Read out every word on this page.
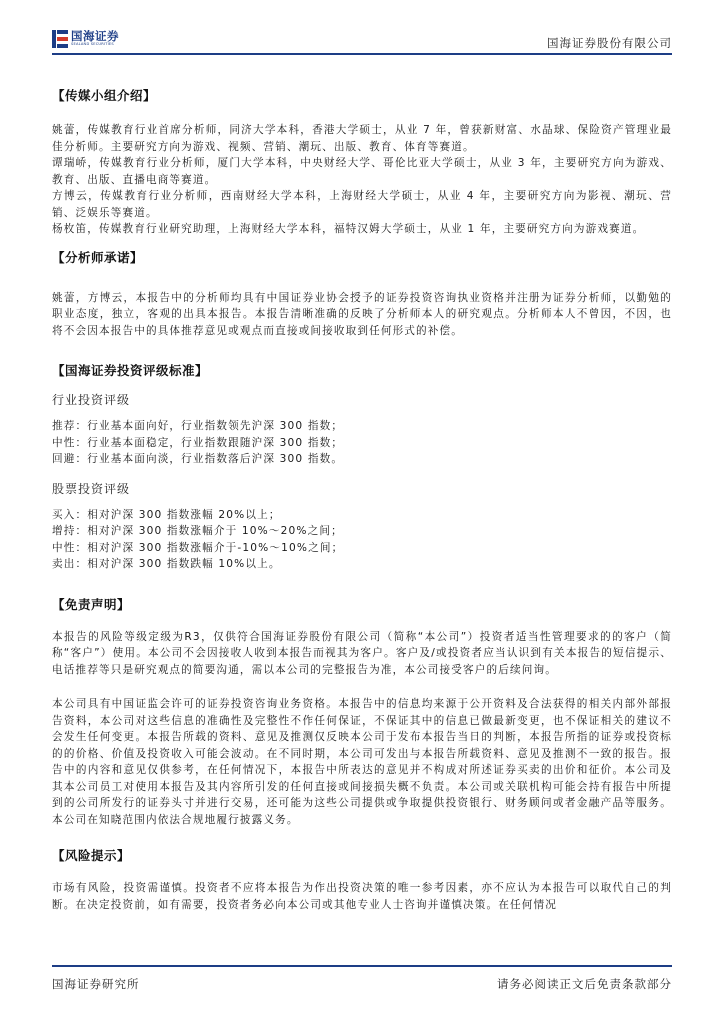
国海证券
SEALAND SECURITIES	国海证券股份有限公司
【传媒小组介绍】

姚蕾，传媒教育行业首席分析师，同济大学本科，香港大学硕士，从业 7 年，曾获新财富、水晶球、保险资产管理业最佳分析师。主要研究方向为游戏、视频、营销、潮玩、出版、教育、体育等赛道。

谭瑞峤，传媒教育行业分析师，厦门大学本科，中央财经大学、哥伦比亚大学硕士，从业 3 年，主要研究方向为游戏、教育、出版、直播电商等赛道。

方博云，传媒教育行业分析师，西南财经大学本科，上海财经大学硕士，从业 4 年，主要研究方向为影视、潮玩、营销、泛娱乐等赛道。

杨枚笛，传媒教育行业研究助理，上海财经大学本科，福特汉姆大学硕士，从业 1 年，主要研究方向为游戏赛道。

【分析师承诺】

姚蕾，方博云，本报告中的分析师均具有中国证券业协会授予的证券投资咨询执业资格并注册为证券分析师，以勤勉的职业态度，独立，客观的出具本报告。本报告清晰准确的反映了分析师本人的研究观点。分析师本人不曾因，不因，也将不会因本报告中的具体推荐意见或观点而直接或间接收取到任何形式的补偿。

【国海证券投资评级标准】

行业投资评级

推荐：行业基本面向好，行业指数领先沪深 300 指数；

中性：行业基本面稳定，行业指数跟随沪深 300 指数；

回避：行业基本面向淡，行业指数落后沪深 300 指数。

股票投资评级

买入：相对沪深 300 指数涨幅 20%以上；

增持：相对沪深 300 指数涨幅介于 10%～20%之间；

中性：相对沪深 300 指数涨幅介于-10%～10%之间；

卖出：相对沪深 300 指数跌幅 10%以上。

【免责声明】

本报告的风险等级定级为R3，仅供符合国海证券股份有限公司（简称“本公司”）投资者适当性管理要求的的客户（简称“客户”）使用。本公司不会因接收人收到本报告而视其为客户。客户及/或投资者应当认识到有关本报告的短信提示、电话推荐等只是研究观点的简要沟通，需以本公司的完整报告为准，本公司接受客户的后续问询。

本公司具有中国证监会许可的证券投资咨询业务资格。本报告中的信息均来源于公开资料及合法获得的相关内部外部报告资料，本公司对这些信息的准确性及完整性不作任何保证，不保证其中的信息已做最新变更，也不保证相关的建议不会发生任何变更。本报告所载的资料、意见及推测仅反映本公司于发布本报告当日的判断，本报告所指的证券或投资标的的价格、价值及投资收入可能会波动。在不同时期，本公司可发出与本报告所载资料、意见及推测不一致的报告。报告中的内容和意见仅供参考，在任何情况下，本报告中所表达的意见并不构成对所述证券买卖的出价和征价。本公司及其本公司员工对使用本报告及其内容所引发的任何直接或间接损失概不负责。本公司或关联机构可能会持有报告中所提到的公司所发行的证券头寸并进行交易，还可能为这些公司提供或争取提供投资银行、财务顾问或者金融产品等服务。本公司在知晓范围内依法合规地履行披露义务。

【风险提示】

市场有风险，投资需谨慎。投资者不应将本报告为作出投资决策的唯一参考因素，亦不应认为本报告可以取代自己的判断。在决定投资前，如有需要，投资者务必向本公司或其他专业人士咨询并谨慎决策。在任何情况

国海证券研究所	请务必阅读正文后免责条款部分
